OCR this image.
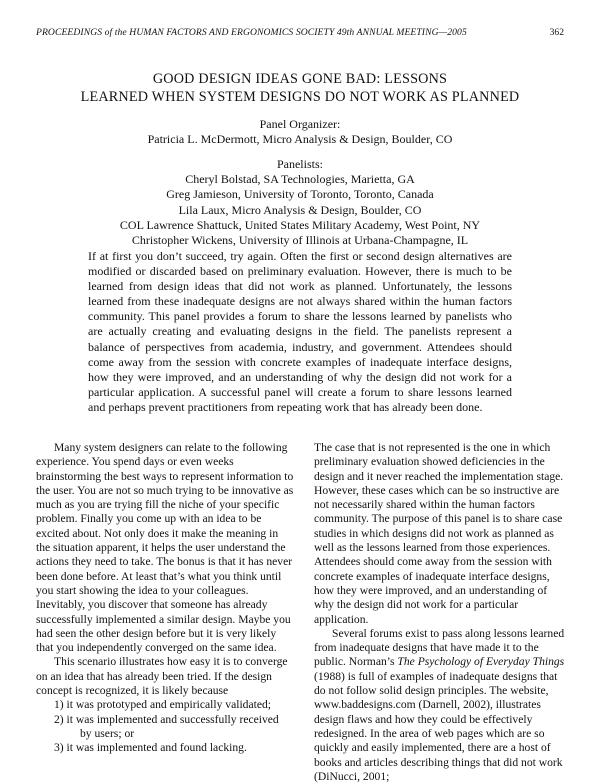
PROCEEDINGS of the HUMAN FACTORS AND ERGONOMICS SOCIETY 49th ANNUAL MEETING—2005	362
GOOD DESIGN IDEAS GONE BAD: LESSONS
LEARNED WHEN SYSTEM DESIGNS DO NOT WORK AS PLANNED
Panel Organizer:
Patricia L. McDermott, Micro Analysis & Design, Boulder, CO
Panelists:
Cheryl Bolstad, SA Technologies, Marietta, GA
Greg Jamieson, University of Toronto, Toronto, Canada
Lila Laux, Micro Analysis & Design, Boulder, CO
COL Lawrence Shattuck, United States Military Academy, West Point, NY
Christopher Wickens, University of Illinois at Urbana-Champagne, IL
If at first you don’t succeed, try again. Often the first or second design alternatives are modified or discarded based on preliminary evaluation. However, there is much to be learned from design ideas that did not work as planned. Unfortunately, the lessons learned from these inadequate designs are not always shared within the human factors community. This panel provides a forum to share the lessons learned by panelists who are actually creating and evaluating designs in the field. The panelists represent a balance of perspectives from academia, industry, and government. Attendees should come away from the session with concrete examples of inadequate interface designs, how they were improved, and an understanding of why the design did not work for a particular application. A successful panel will create a forum to share lessons learned and perhaps prevent practitioners from repeating work that has already been done.

Many system designers can relate to the following experience. You spend days or even weeks brainstorming the best ways to represent information to the user. You are not so much trying to be innovative as much as you are trying fill the niche of your specific problem. Finally you come up with an idea to be excited about. Not only does it make the meaning in the situation apparent, it helps the user understand the actions they need to take. The bonus is that it has never been done before. At least that’s what you think until you start showing the idea to your colleagues. Inevitably, you discover that someone has already successfully implemented a similar design. Maybe you had seen the other design before but it is very likely that you independently converged on the same idea.

This scenario illustrates how easy it is to converge on an idea that has already been tried. If the design concept is recognized, it is likely because

1) it was prototyped and empirically validated;

2) it was implemented and successfully received

by users; or

3) it was implemented and found lacking.

The case that is not represented is the one in which preliminary evaluation showed deficiencies in the design and it never reached the implementation stage. However, these cases which can be so instructive are not necessarily shared within the human factors community. The purpose of this panel is to share case studies in which designs did not work as planned as well as the lessons learned from those experiences. Attendees should come away from the session with concrete examples of inadequate interface designs, how they were improved, and an understanding of why the design did not work for a particular application.

Several forums exist to pass along lessons learned from inadequate designs that have made it to the public. Norman’s The Psychology of Everyday Things (1988) is full of examples of inadequate designs that do not follow solid design principles. The website, www.baddesigns.com (Darnell, 2002), illustrates design flaws and how they could be effectively redesigned. In the area of web pages which are so quickly and easily implemented, there are a host of books and articles describing things that did not work (DiNucci, 2001;
